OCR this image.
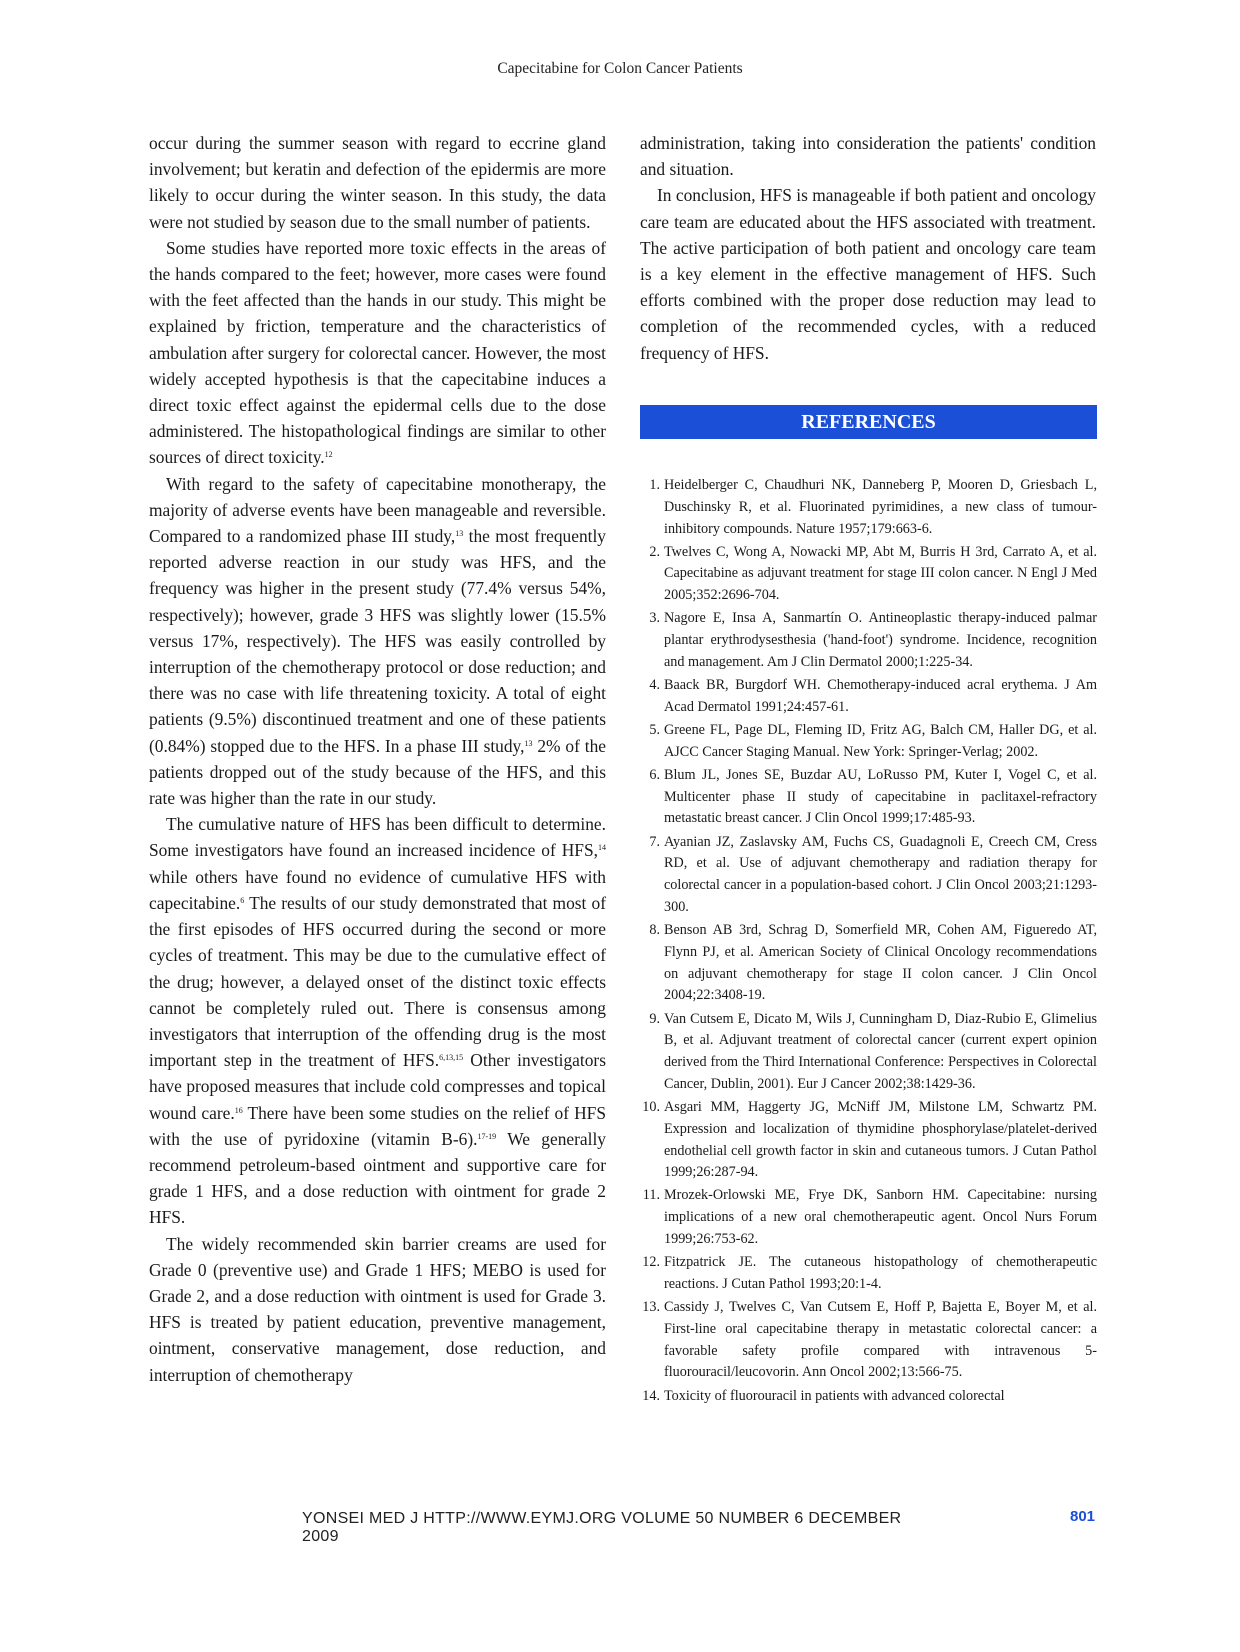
Capecitabine for Colon Cancer Patients

occur during the summer season with regard to eccrine gland involvement; but keratin and defection of the epidermis are more likely to occur during the winter season. In this study, the data were not studied by season due to the small number of patients.

Some studies have reported more toxic effects in the areas of the hands compared to the feet; however, more cases were found with the feet affected than the hands in our study. This might be explained by friction, temperature and the characteristics of ambulation after surgery for colorectal cancer. However, the most widely accepted hypothesis is that the capecitabine induces a direct toxic effect against the epidermal cells due to the dose administered. The histopathological findings are similar to other sources of direct toxicity.$^{12}$

With regard to the safety of capecitabine monotherapy, the majority of adverse events have been manageable and reversible. Compared to a randomized phase III study,$^{13}$ the most frequently reported adverse reaction in our study was HFS, and the frequency was higher in the present study (77.4% versus 54%, respectively); however, grade 3 HFS was slightly lower (15.5% versus 17%, respectively). The HFS was easily controlled by interruption of the chemotherapy protocol or dose reduction; and there was no case with life threatening toxicity. A total of eight patients (9.5%) discontinued treatment and one of these patients (0.84%) stopped due to the HFS. In a phase III study,$^{13}$ 2% of the patients dropped out of the study because of the HFS, and this rate was higher than the rate in our study.

The cumulative nature of HFS has been difficult to determine. Some investigators have found an increased incidence of HFS,$^{14}$ while others have found no evidence of cumulative HFS with capecitabine.$^6$ The results of our study demonstrated that most of the first episodes of HFS occurred during the second or more cycles of treatment. This may be due to the cumulative effect of the drug; however, a delayed onset of the distinct toxic effects cannot be completely ruled out. There is consensus among investigators that interruption of the offending drug is the most important step in the treatment of HFS.$^{6,13,15}$ Other investigators have proposed measures that include cold compresses and topical wound care.$^{16}$ There have been some studies on the relief of HFS with the use of pyridoxine (vitamin B-6).$^{17-19}$ We generally recommend petroleum-based ointment and supportive care for grade 1 HFS, and a dose reduction with ointment for grade 2 HFS.

The widely recommended skin barrier creams are used for Grade 0 (preventive use) and Grade 1 HFS; MEBO is used for Grade 2, and a dose reduction with ointment is used for Grade 3. HFS is treated by patient education, preventive management, ointment, conservative management, dose reduction, and interruption of chemotherapy

administration, taking into consideration the patients' condition and situation.

In conclusion, HFS is manageable if both patient and oncology care team are educated about the HFS associated with treatment. The active participation of both patient and oncology care team is a key element in the effective management of HFS. Such efforts combined with the proper dose reduction may lead to completion of the recommended cycles, with a reduced frequency of HFS.

REFERENCES
1. Heidelberger C, Chaudhuri NK, Danneberg P, Mooren D, Griesbach L, Duschinsky R, et al. Fluorinated pyrimidines, a new class of tumour-inhibitory compounds. Nature 1957;179:663-6.
2. Twelves C, Wong A, Nowacki MP, Abt M, Burris H 3rd, Carrato A, et al. Capecitabine as adjuvant treatment for stage III colon cancer. N Engl J Med 2005;352:2696-704.
3. Nagore E, Insa A, Sanmartín O. Antineoplastic therapy-induced palmar plantar erythrodysesthesia ('hand-foot') syndrome. Incidence, recognition and management. Am J Clin Dermatol 2000;1:225-34.
4. Baack BR, Burgdorf WH. Chemotherapy-induced acral erythema. J Am Acad Dermatol 1991;24:457-61.
5. Greene FL, Page DL, Fleming ID, Fritz AG, Balch CM, Haller DG, et al. AJCC Cancer Staging Manual. New York: Springer-Verlag; 2002.
6. Blum JL, Jones SE, Buzdar AU, LoRusso PM, Kuter I, Vogel C, et al. Multicenter phase II study of capecitabine in paclitaxel-refractory metastatic breast cancer. J Clin Oncol 1999;17:485-93.
7. Ayanian JZ, Zaslavsky AM, Fuchs CS, Guadagnoli E, Creech CM, Cress RD, et al. Use of adjuvant chemotherapy and radiation therapy for colorectal cancer in a population-based cohort. J Clin Oncol 2003;21:1293-300.
8. Benson AB 3rd, Schrag D, Somerfield MR, Cohen AM, Figueredo AT, Flynn PJ, et al. American Society of Clinical Oncology recommendations on adjuvant chemotherapy for stage II colon cancer. J Clin Oncol 2004;22:3408-19.
9. Van Cutsem E, Dicato M, Wils J, Cunningham D, Diaz-Rubio E, Glimelius B, et al. Adjuvant treatment of colorectal cancer (current expert opinion derived from the Third International Conference: Perspectives in Colorectal Cancer, Dublin, 2001). Eur J Cancer 2002;38:1429-36.
10. Asgari MM, Haggerty JG, McNiff JM, Milstone LM, Schwartz PM. Expression and localization of thymidine phosphorylase/platelet-derived endothelial cell growth factor in skin and cutaneous tumors. J Cutan Pathol 1999;26:287-94.
11. Mrozek-Orlowski ME, Frye DK, Sanborn HM. Capecitabine: nursing implications of a new oral chemotherapeutic agent. Oncol Nurs Forum 1999;26:753-62.
12. Fitzpatrick JE. The cutaneous histopathology of chemotherapeutic reactions. J Cutan Pathol 1993;20:1-4.
13. Cassidy J, Twelves C, Van Cutsem E, Hoff P, Bajetta E, Boyer M, et al. First-line oral capecitabine therapy in metastatic colorectal cancer: a favorable safety profile compared with intravenous 5-fluorouracil/leucovorin. Ann Oncol 2002;13:566-75.
14. Toxicity of fluorouracil in patients with advanced colorectal
YONSEI MED J HTTP://WWW.EYMJ.ORG VOLUME 50 NUMBER 6 DECEMBER 2009
801
